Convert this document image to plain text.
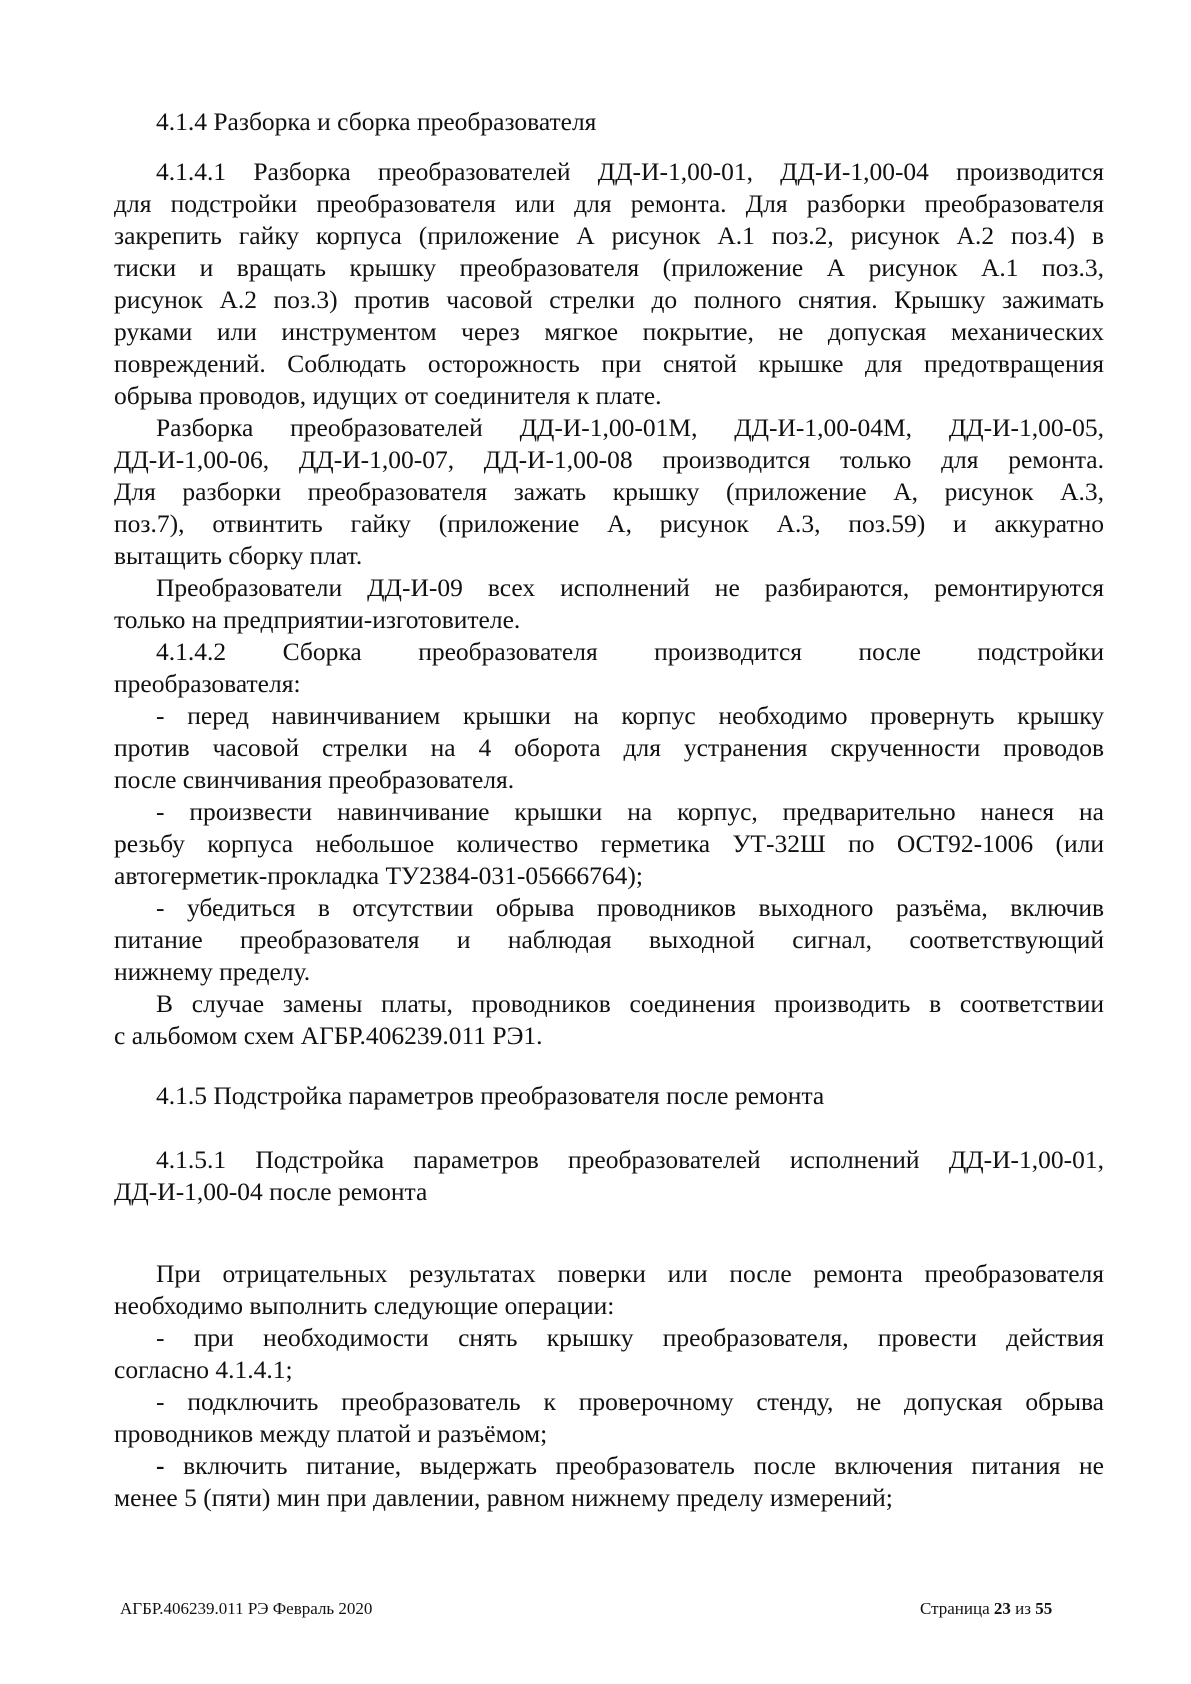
4.1.4 Разборка и сборка преобразователя
4.1.4.1 Разборка преобразователей ДД-И-1,00-01, ДД-И-1,00-04 производится
для подстройки преобразователя или для ремонта. Для разборки преобразователя
закрепить гайку корпуса (приложение А рисунок А.1 поз.2, рисунок А.2 поз.4) в
тиски и вращать крышку преобразователя (приложение А рисунок А.1 поз.3,
рисунок А.2 поз.3) против часовой стрелки до полного снятия. Крышку зажимать
руками или инструментом через мягкое покрытие, не допуская механических
повреждений. Соблюдать осторожность при снятой крышке для предотвращения
обрыва проводов, идущих от соединителя к плате.
Разборка преобразователей ДД-И-1,00-01М, ДД-И-1,00-04М, ДД-И-1,00-05,
ДД-И-1,00-06, ДД-И-1,00-07, ДД-И-1,00-08 производится только для ремонта.
Для разборки преобразователя зажать крышку (приложение А, рисунок А.3,
поз.7), отвинтить гайку (приложение А, рисунок А.3, поз.59) и аккуратно
вытащить сборку плат.
Преобразователи ДД-И-09 всех исполнений не разбираются, ремонтируются
только на предприятии-изготовителе.
4.1.4.2 Сборка преобразователя производится после подстройки
преобразователя:
- перед навинчиванием крышки на корпус необходимо провернуть крышку
против часовой стрелки на 4 оборота для устранения скрученности проводов
после свинчивания преобразователя.
- произвести навинчивание крышки на корпус, предварительно нанеся на
резьбу корпуса небольшое количество герметика УТ-32Ш по ОСТ92-1006 (или
автогерметик-прокладка ТУ2384-031-05666764);
- убедиться в отсутствии обрыва проводников выходного разъёма, включив
питание преобразователя и наблюдая выходной сигнал, соответствующий
нижнему пределу.
В случае замены платы, проводников соединения производить в соответствии
с альбомом схем АГБР.406239.011 РЭ1.
4.1.5 Подстройка параметров преобразователя после ремонта
4.1.5.1 Подстройка параметров преобразователей исполнений ДД-И-1,00-01,
ДД-И-1,00-04 после ремонта
При отрицательных результатах поверки или после ремонта преобразователя
необходимо выполнить следующие операции:
- при необходимости снять крышку преобразователя, провести действия
согласно 4.1.4.1;
- подключить преобразователь к проверочному стенду, не допуская обрыва
проводников между платой и разъёмом;
- включить питание, выдержать преобразователь после включения питания не
менее 5 (пяти) мин при давлении, равном нижнему пределу измерений;
АГБР.406239.011 РЭ Февраль 2020	Страница 23 из 55
